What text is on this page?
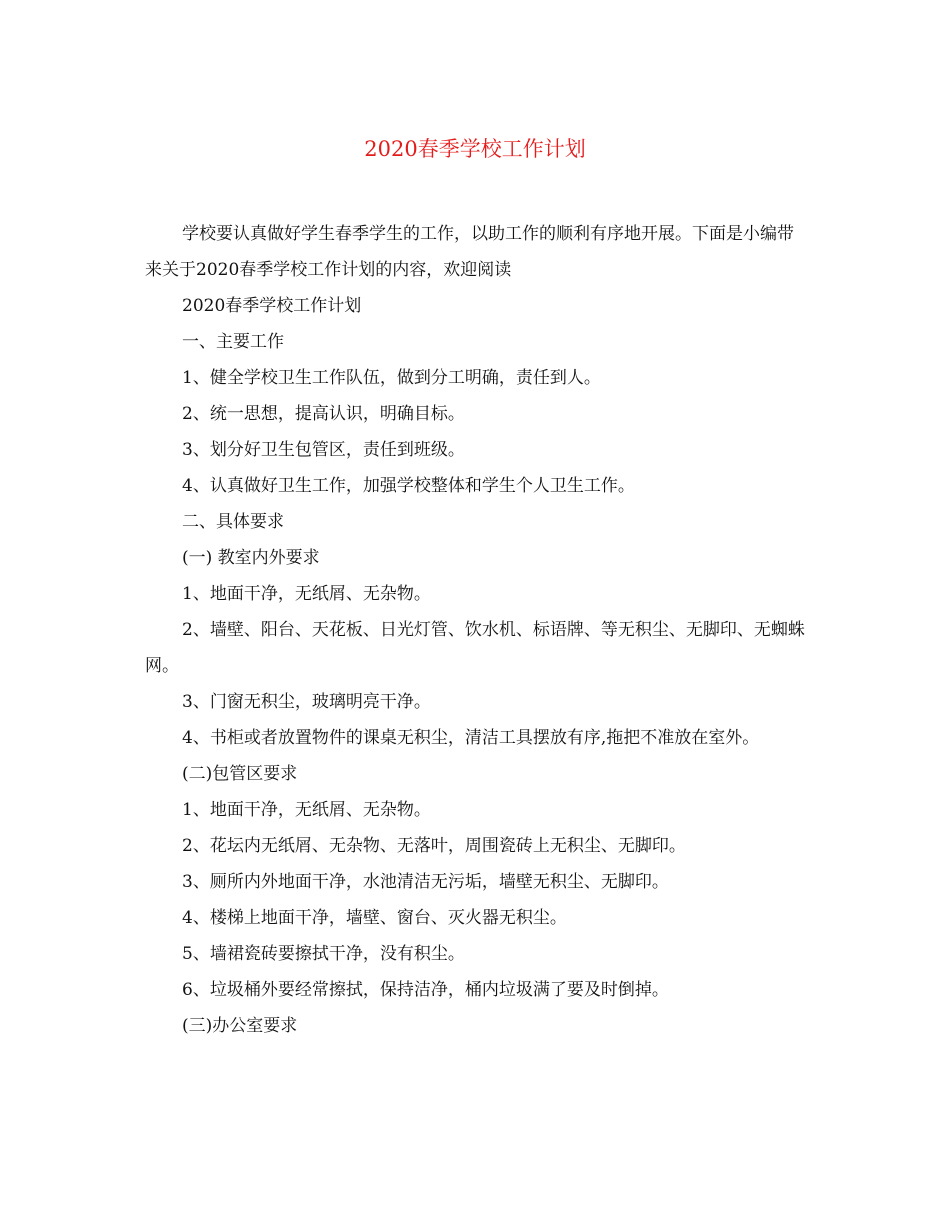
2020春季学校工作计划

学校要认真做好学生春季学生的工作，以助工作的顺利有序地开展。下面是小编带来关于2020春季学校工作计划的内容，欢迎阅读

2020春季学校工作计划

一、主要工作

1、健全学校卫生工作队伍，做到分工明确，责任到人。

2、统一思想，提高认识，明确目标。

3、划分好卫生包管区，责任到班级。

4、认真做好卫生工作，加强学校整体和学生个人卫生工作。

二、具体要求

(一) 教室内外要求

1、地面干净，无纸屑、无杂物。

2、墙壁、阳台、天花板、日光灯管、饮水机、标语牌、等无积尘、无脚印、无蜘蛛网。

3、门窗无积尘，玻璃明亮干净。

4、书柜或者放置物件的课桌无积尘，清洁工具摆放有序,拖把不准放在室外。

(二)包管区要求

1、地面干净，无纸屑、无杂物。

2、花坛内无纸屑、无杂物、无落叶，周围瓷砖上无积尘、无脚印。

3、厕所内外地面干净，水池清洁无污垢，墙壁无积尘、无脚印。

4、楼梯上地面干净，墙壁、窗台、灭火器无积尘。

5、墙裙瓷砖要擦拭干净，没有积尘。

6、垃圾桶外要经常擦拭，保持洁净，桶内垃圾满了要及时倒掉。

(三)办公室要求
